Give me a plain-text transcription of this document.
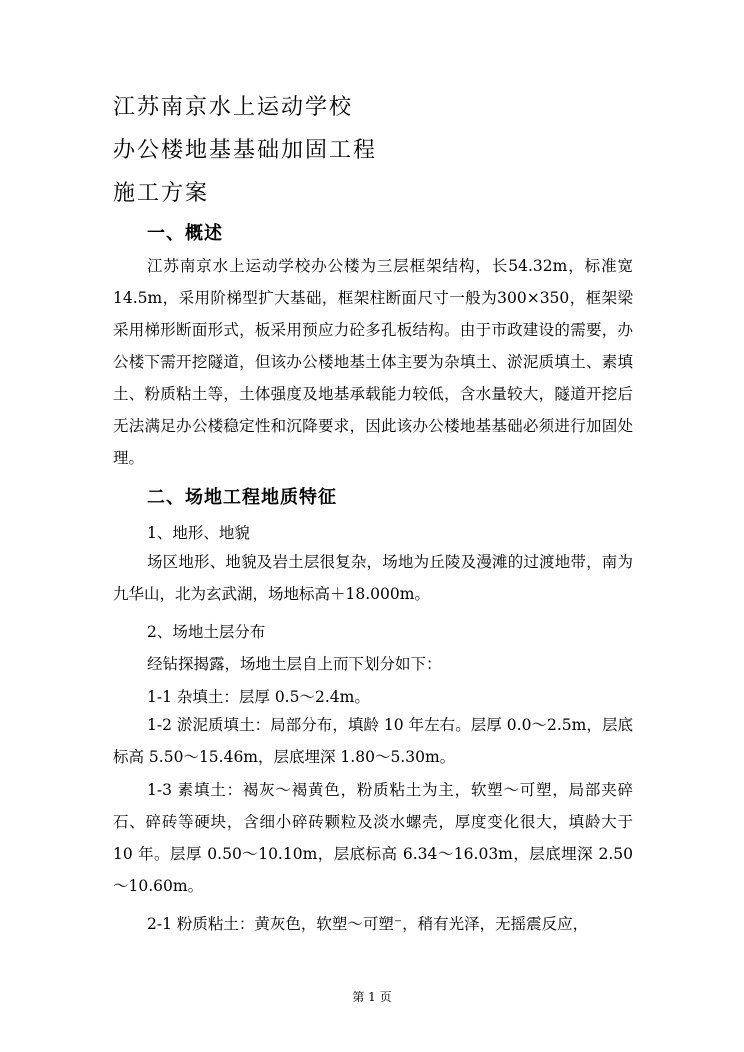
江苏南京水上运动学校
办公楼地基基础加固工程
施工方案
一、概述
江苏南京水上运动学校办公楼为三层框架结构，长54.32m，标准宽14.5m，采用阶梯型扩大基础，框架柱断面尺寸一般为300×350，框架梁采用梯形断面形式，板采用预应力砼多孔板结构。由于市政建设的需要，办公楼下需开挖隧道，但该办公楼地基土体主要为杂填土、淤泥质填土、素填土、粉质粘土等，土体强度及地基承载能力较低，含水量较大，隧道开挖后无法满足办公楼稳定性和沉降要求，因此该办公楼地基基础必须进行加固处理。
二、场地工程地质特征
1、地形、地貌
场区地形、地貌及岩土层很复杂，场地为丘陵及漫滩的过渡地带，南为九华山，北为玄武湖，场地标高＋18.000m。
2、场地土层分布
经钻探揭露，场地土层自上而下划分如下：
1-1 杂填土：层厚 0.5～2.4m。
1-2 淤泥质填土：局部分布，填龄 10 年左右。层厚 0.0～2.5m，层底标高 5.50～15.46m，层底埋深 1.80～5.30m。
1-3 素填土：褐灰～褐黄色，粉质粘土为主，软塑～可塑，局部夹碎石、碎砖等硬块，含细小碎砖颗粒及淡水螺壳，厚度变化很大，填龄大于 10 年。层厚 0.50～10.10m，层底标高 6.34～16.03m，层底埋深 2.50～10.60m。
2-1 粉质粘土：黄灰色，软塑～可塑⁻，稍有光泽，无摇震反应，
第 1 页
